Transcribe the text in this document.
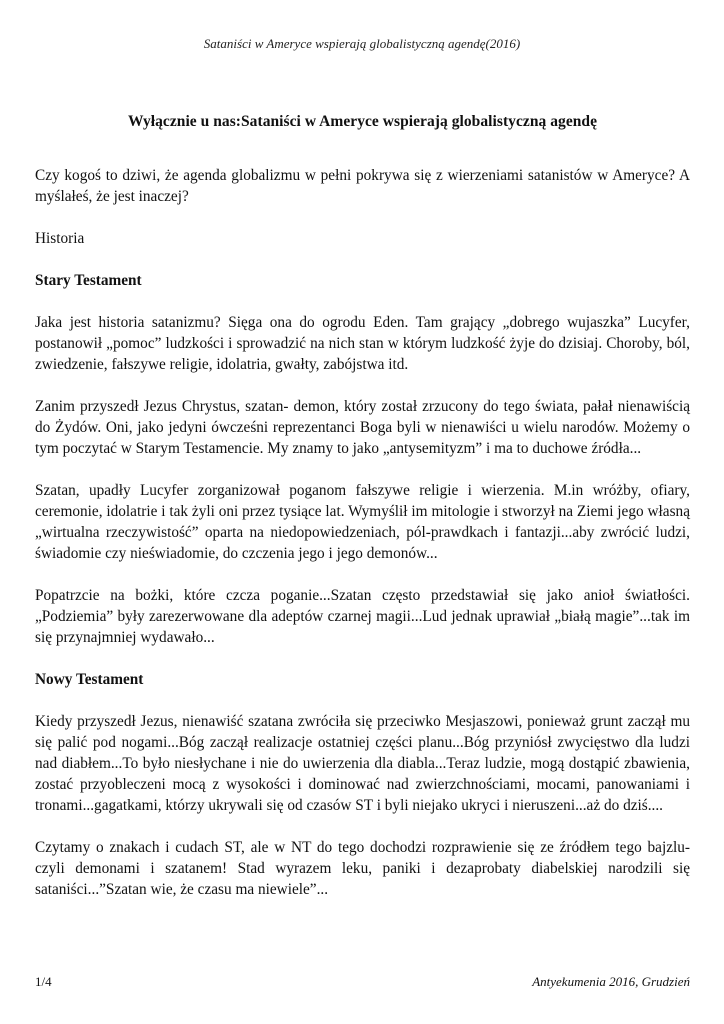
Sataniści w Ameryce wspierają globalistyczną agendę(2016)
Wyłącznie u nas:Sataniści w Ameryce wspierają globalistyczną agendę

Czy kogoś to dziwi, że agenda globalizmu w pełni pokrywa się z wierzeniami satanistów w Ameryce? A myślałeś, że jest inaczej?

Historia

Stary Testament

Jaka jest historia satanizmu? Sięga ona do ogrodu Eden. Tam grający „dobrego wujaszka” Lucyfer, postanowił „pomoc” ludzkości i sprowadzić na nich stan w którym ludzkość żyje do dzisiaj. Choroby, ból, zwiedzenie, fałszywe religie, idolatria, gwałty, zabójstwa itd.

Zanim przyszedł Jezus Chrystus, szatan- demon, który został zrzucony do tego świata, pałał nienawiścią do Żydów. Oni, jako jedyni ówcześni reprezentanci Boga byli w nienawiści u wielu narodów. Możemy o tym poczytać w Starym Testamencie. My znamy to jako „antysemityzm” i ma to duchowe źródła...

Szatan, upadły Lucyfer zorganizował poganom fałszywe religie i wierzenia. M.in wróżby, ofiary, ceremonie, idolatrie i tak żyli oni przez tysiące lat. Wymyślił im mitologie i stworzył na Ziemi jego własną „wirtualna rzeczywistość” oparta na niedopowiedzeniach, pól-prawdkach i fantazji...aby zwrócić ludzi, świadomie czy nieświadomie, do czczenia jego i jego demonów...

Popatrzcie na bożki, które czcza poganie...Szatan często przedstawiał się jako anioł światłości. „Podziemia” były zarezerwowane dla adeptów czarnej magii...Lud jednak uprawiał „białą magie”...tak im się przynajmniej wydawało...

Nowy Testament

Kiedy przyszedł Jezus, nienawiść szatana zwróciła się przeciwko Mesjaszowi, ponieważ grunt zaczął mu się palić pod nogami...Bóg zaczął realizacje ostatniej części planu...Bóg przyniósł zwycięstwo dla ludzi nad diabłem...To było niesłychane i nie do uwierzenia dla diabla...Teraz ludzie, mogą dostąpić zbawienia, zostać przyobleczeni mocą z wysokości i dominować nad zwierzchnościami, mocami, panowaniami i tronami...gagatkami, którzy ukrywali się od czasów ST i byli niejako ukryci i nieruszeni...aż do dziś....

Czytamy o znakach i cudach ST, ale w NT do tego dochodzi rozprawienie się ze źródłem tego bajzlu- czyli demonami i szatanem! Stad wyrazem leku, paniki i dezaprobaty diabelskiej narodzili się sataniści...”Szatan wie, że czasu ma niewiele”...

1/4	Antyekumenia 2016, Grudzień
